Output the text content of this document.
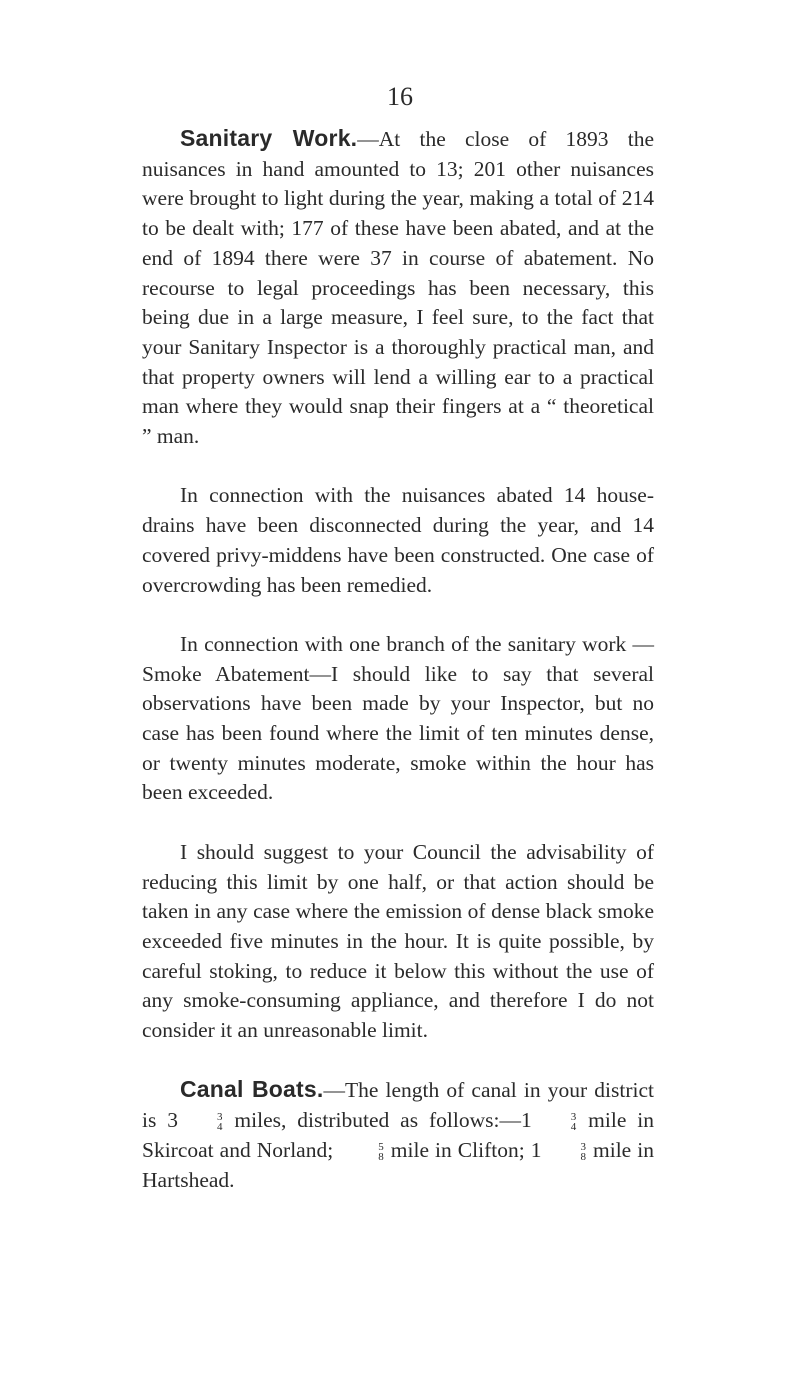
16

Sanitary Work.—At the close of 1893 the nuisances in hand amounted to 13; 201 other nuisances were brought to light during the year, making a total of 214 to be dealt with; 177 of these have been abated, and at the end of 1894 there were 37 in course of abatement. No recourse to legal proceedings has been necessary, this being due in a large measure, I feel sure, to the fact that your Sanitary Inspector is a thoroughly practical man, and that property owners will lend a willing ear to a practical man where they would snap their fingers at a “ theoretical ” man.

In connection with the nuisances abated 14 house-drains have been disconnected during the year, and 14 covered privy-middens have been constructed. One case of overcrowding has been remedied.

In connection with one branch of the sanitary work —Smoke Abatement—I should like to say that several observations have been made by your Inspector, but no case has been found where the limit of ten minutes dense, or twenty minutes moderate, smoke within the hour has been exceeded.

I should suggest to your Council the advisability of reducing this limit by one half, or that action should be taken in any case where the emission of dense black smoke exceeded five minutes in the hour. It is quite possible, by careful stoking, to reduce it below this without the use of any smoke-consuming appliance, and therefore I do not consider it an unreasonable limit.

Canal Boats.—The length of canal in your district is 3	3
4 miles, distributed as follows:—1	3
4 mile in Skircoat and Norland;	5
8 mile in Clifton; 1	3
8 mile in Hartshead.
